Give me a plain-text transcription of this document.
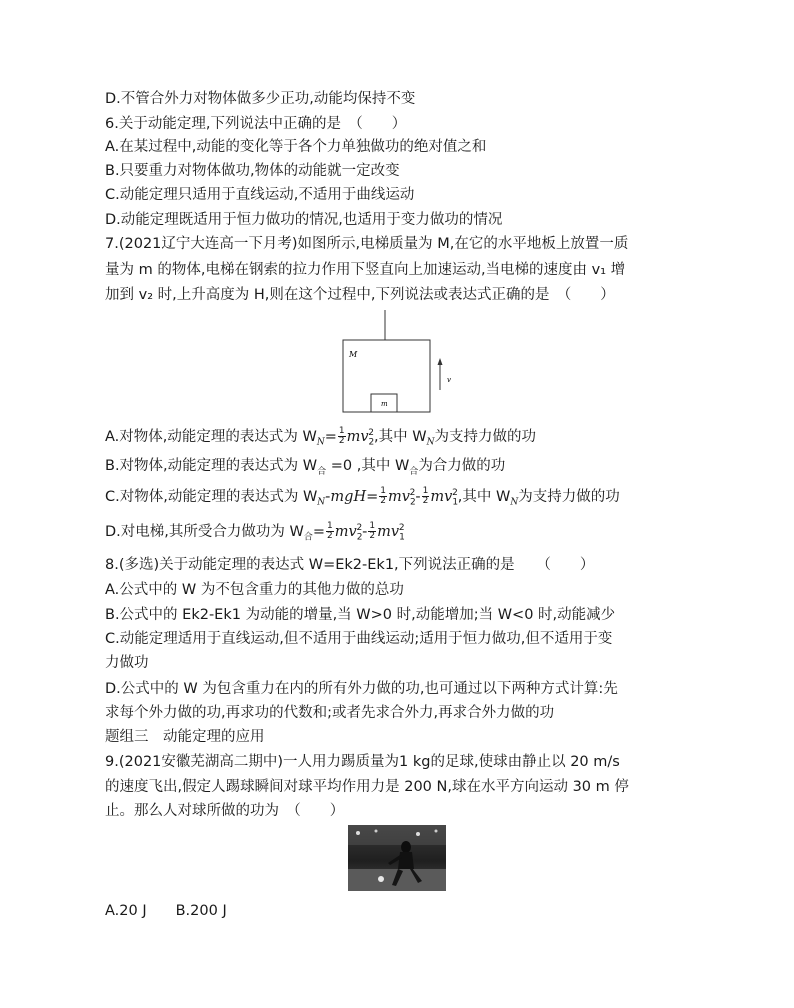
D.不管合外力对物体做多少正功,动能均保持不变
6.关于动能定理,下列说法中正确的是　（　　）
A.在某过程中,动能的变化等于各个力单独做功的绝对值之和
B.只要重力对物体做功,物体的动能就一定改变
C.动能定理只适用于直线运动,不适用于曲线运动
D.动能定理既适用于恒力做功的情况,也适用于变力做功的情况
7.(2021辽宁大连高一下月考)如图所示,电梯质量为 M,在它的水平地板上放置一质
量为 m 的物体,电梯在钢索的拉力作用下竖直向上加速运动,当电梯的速度由 v₁ 增
加到 v₂ 时,上升高度为 H,则在这个过程中,下列说法或表达式正确的是　（　　）
M
m
v
A.对物体,动能定理的表达式为 $W_N= \frac{1}{2} mv_2^2$,其中 $W_N$为支持力做的功
B.对物体,动能定理的表达式为 $W_合 =0$ ,其中 $W_合$为合力做的功
C.对物体,动能定理的表达式为 $W_N-mgH= \frac{1}{2} mv_2^2- \frac{1}{2} mv_1^2$,其中 $W_N$为支持力做的功
D.对电梯,其所受合力做功为 $W_合= \frac{1}{2} mv_2^2- \frac{1}{2} mv_1^2$
8.(多选)关于动能定理的表达式 W=Ek2-Ek1,下列说法正确的是　　（　　）
A.公式中的 W 为不包含重力的其他力做的总功
B.公式中的 Ek2-Ek1 为动能的增量,当 W>0 时,动能增加;当 W<0 时,动能减少
C.动能定理适用于直线运动,但不适用于曲线运动;适用于恒力做功,但不适用于变
力做功
D.公式中的 W 为包含重力在内的所有外力做的功,也可通过以下两种方式计算:先
求每个外力做的功,再求功的代数和;或者先求合外力,再求合外力做的功
题组三　动能定理的应用
9.(2021安徽芜湖高二期中)一人用力踢质量为1 kg的足球,使球由静止以 20 m/s
的速度飞出,假定人踢球瞬间对球平均作用力是 200 N,球在水平方向运动 30 m 停
止。那么人对球所做的功为　（　　）
A.20 J　　B.200 J
